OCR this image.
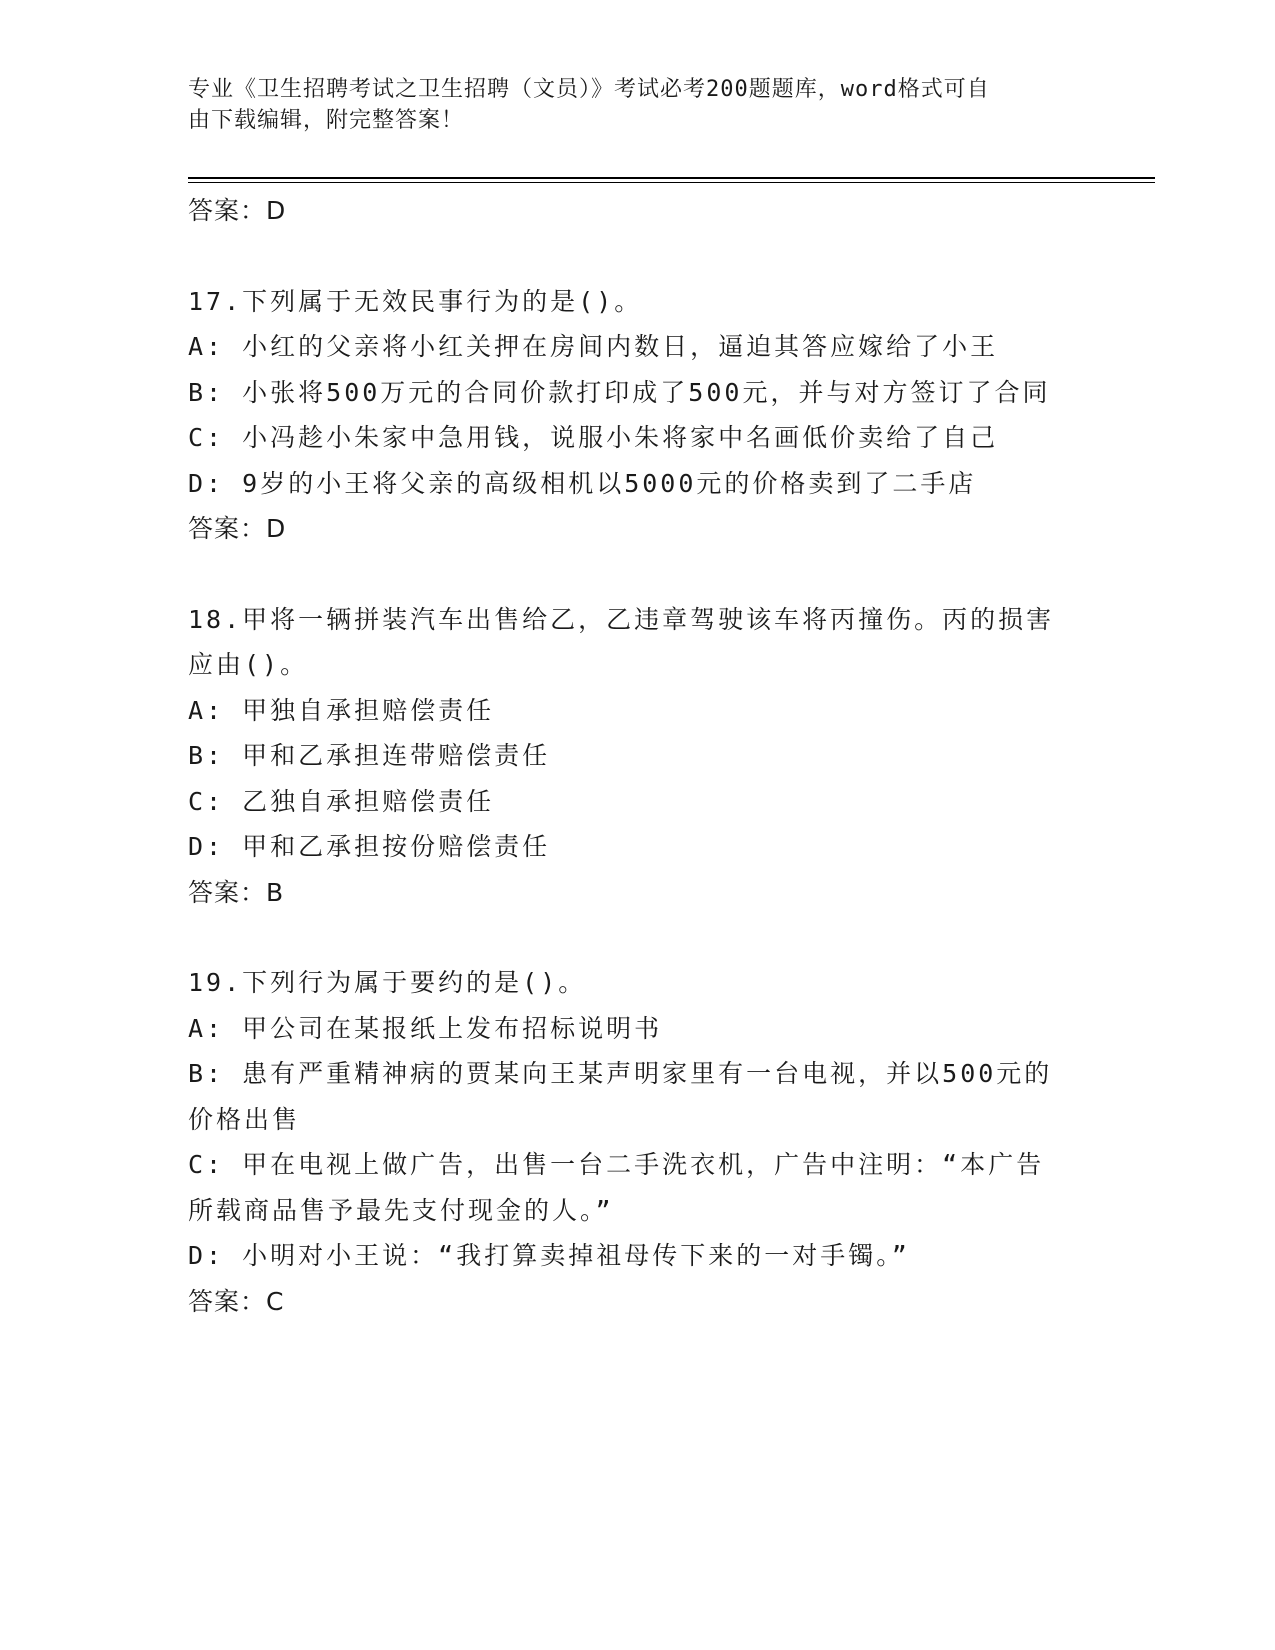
专业《卫生招聘考试之卫生招聘（文员）》考试必考200题题库，word格式可自
由下载编辑，附完整答案！
答案：D
17.下列属于无效民事行为的是()。
A: 小红的父亲将小红关押在房间内数日，逼迫其答应嫁给了小王
B: 小张将500万元的合同价款打印成了500元，并与对方签订了合同
C: 小冯趁小朱家中急用钱，说服小朱将家中名画低价卖给了自己
D: 9岁的小王将父亲的高级相机以5000元的价格卖到了二手店
答案：D
18.甲将一辆拼装汽车出售给乙，乙违章驾驶该车将丙撞伤。丙的损害
应由()。
A: 甲独自承担赔偿责任
B: 甲和乙承担连带赔偿责任
C: 乙独自承担赔偿责任
D: 甲和乙承担按份赔偿责任
答案：B
19.下列行为属于要约的是()。
A: 甲公司在某报纸上发布招标说明书
B: 患有严重精神病的贾某向王某声明家里有一台电视，并以500元的
价格出售
C: 甲在电视上做广告，出售一台二手洗衣机，广告中注明：“本广告
所载商品售予最先支付现金的人。”
D: 小明对小王说：“我打算卖掉祖母传下来的一对手镯。”
答案：C
